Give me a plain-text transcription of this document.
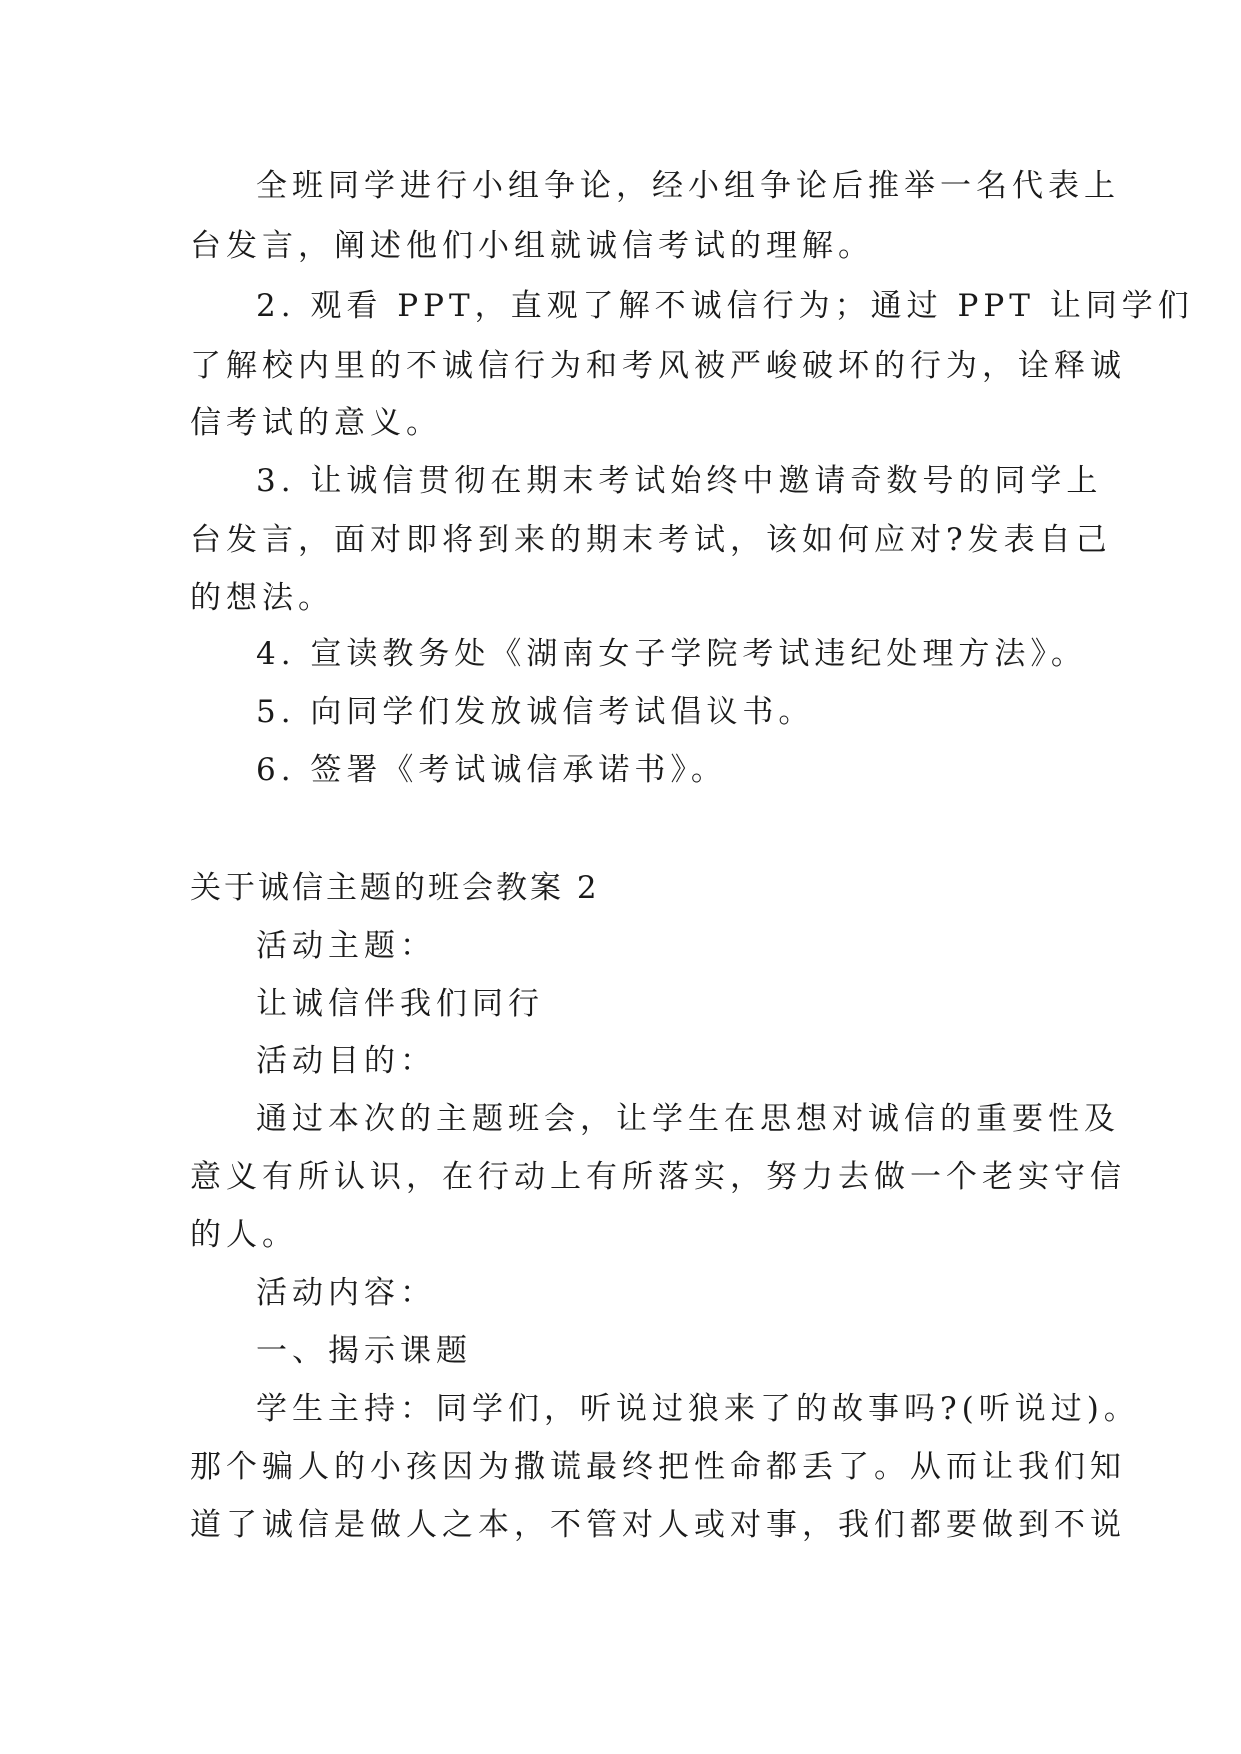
全班同学进行小组争论，经小组争论后推举一名代表上
台发言，阐述他们小组就诚信考试的理解。
2. 观看 PPT，直观了解不诚信行为；通过 PPT 让同学们
了解校内里的不诚信行为和考风被严峻破坏的行为，诠释诚
信考试的意义。
3. 让诚信贯彻在期末考试始终中邀请奇数号的同学上
台发言，面对即将到来的期末考试，该如何应对?发表自己
的想法。
4. 宣读教务处《湖南女子学院考试违纪处理方法》。
5. 向同学们发放诚信考试倡议书。
6. 签署《考试诚信承诺书》。
关于诚信主题的班会教案 2
活动主题：
让诚信伴我们同行
活动目的：
通过本次的主题班会，让学生在思想对诚信的重要性及
意义有所认识，在行动上有所落实，努力去做一个老实守信
的人。
活动内容：
一、揭示课题
学生主持：同学们，听说过狼来了的故事吗?(听说过)。
那个骗人的小孩因为撒谎最终把性命都丢了。从而让我们知
道了诚信是做人之本，不管对人或对事，我们都要做到不说
